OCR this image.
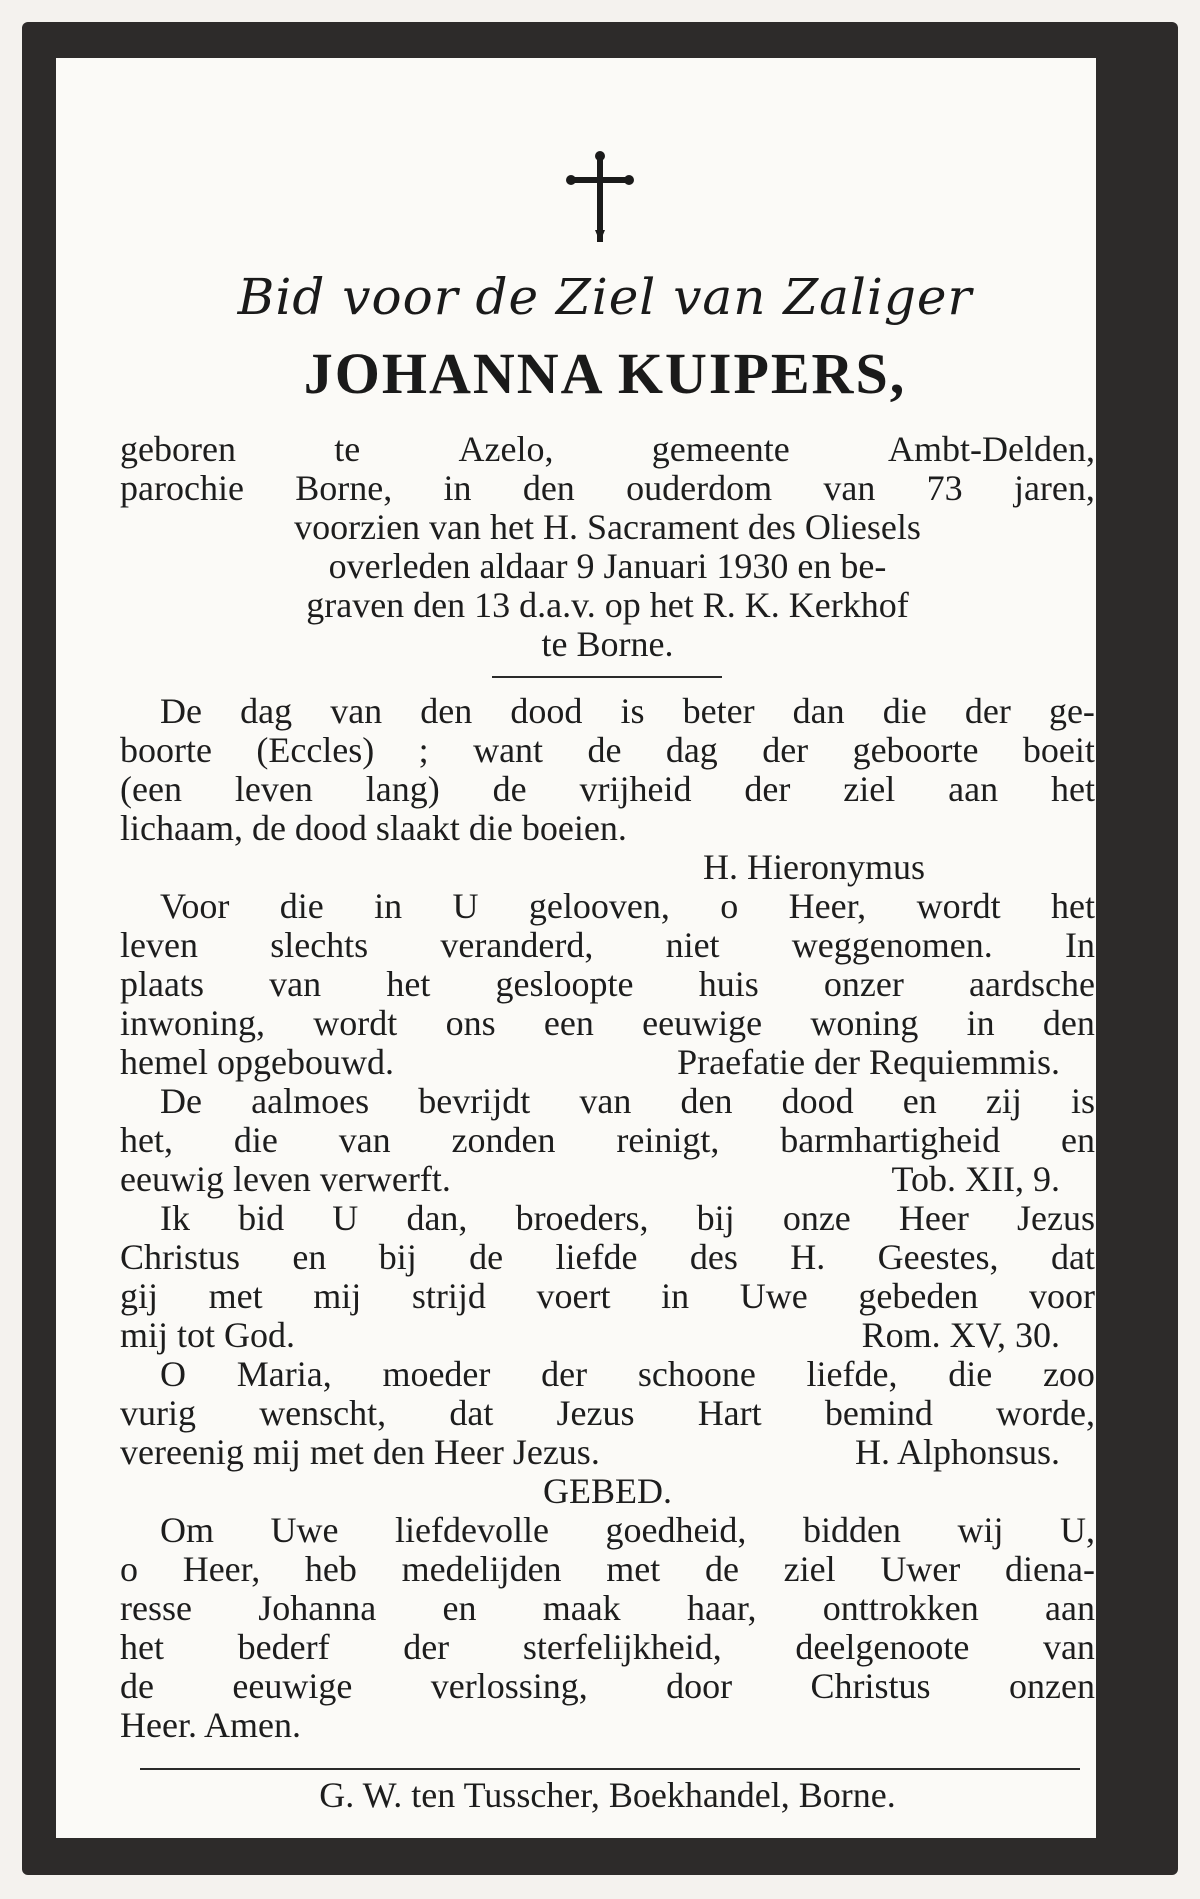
Bid voor de Ziel van Zaliger
JOHANNA KUIPERS,
geboren	te	Azelo,	gemeente	Ambt-Delden,
parochie Borne, in den ouderdom van 73 jaren,
voorzien van het H. Sacrament des Oliesels
overleden aldaar 9 Januari 1930 en be-
graven den 13 d.a.v. op het R. K. Kerkhof
te Borne.
De dag van den dood is beter dan die der ge-
boorte (Eccles) ; want de dag der geboorte boeit
(een leven lang) de vrijheid der ziel aan het
lichaam, de dood slaakt die boeien.
H. Hieronymus
Voor die in U gelooven, o Heer, wordt het
leven slechts veranderd, niet weggenomen. In
plaats van het gesloopte huis onzer aardsche
inwoning, wordt ons een eeuwige woning in den
hemel opgebouwd.	Praefatie der Requiemmis.
De aalmoes bevrijdt van den dood en zij is
het, die van zonden reinigt, barmhartigheid en
eeuwig leven verwerft.	Tob. XII, 9.
Ik bid U dan, broeders, bij onze Heer Jezus
Christus en bij de liefde des H. Geestes, dat
gij met mij strijd voert in Uwe gebeden voor
mij tot God.	Rom. XV, 30.
O Maria, moeder der schoone liefde, die zoo
vurig wenscht, dat Jezus Hart bemind worde,
vereenig mij met den Heer Jezus.	H. Alphonsus.
GEBED.
Om Uwe liefdevolle goedheid, bidden wij U,
o Heer, heb medelijden met de ziel Uwer diena-
resse Johanna en maak haar, onttrokken aan
het bederf der sterfelijkheid, deelgenoote van
de eeuwige verlossing, door Christus onzen
Heer. Amen.
G. W. ten Tusscher, Boekhandel, Borne.
